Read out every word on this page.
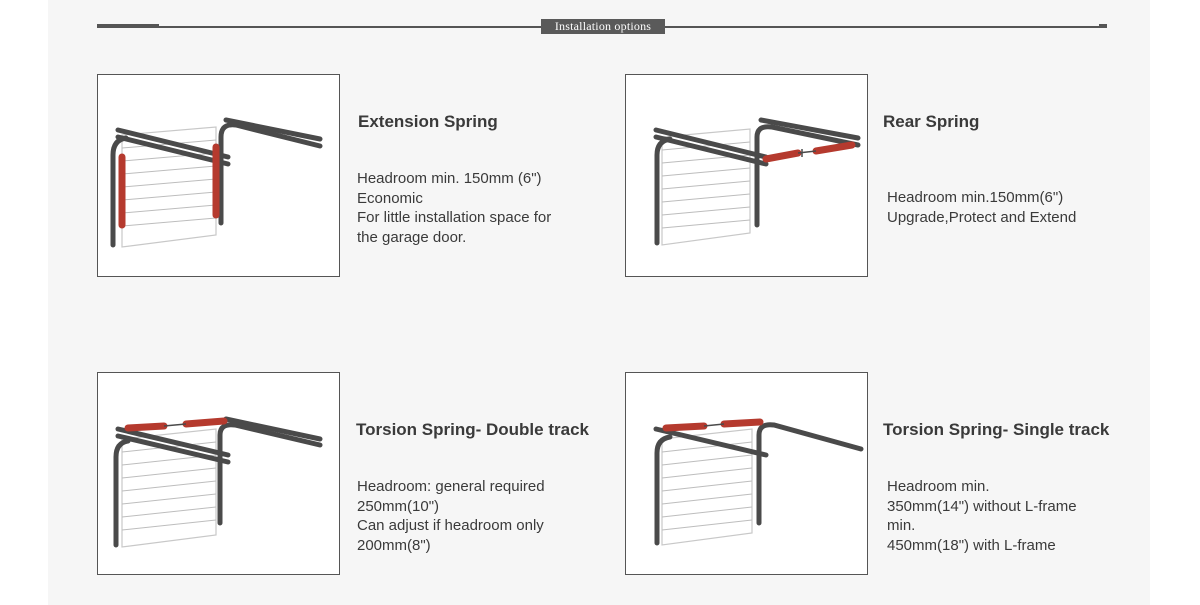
Installation options
Extension Spring
Headroom min. 150mm (6")
Economic
For little installation space for
the garage door.
Rear Spring
Headroom min.150mm(6")
Upgrade,Protect and Extend
Torsion Spring- Double track
Headroom: general required
250mm(10")
Can adjust if headroom only
200mm(8")
Torsion Spring- Single track
Headroom min.
350mm(14") without L-frame
min.
450mm(18") with L-frame
